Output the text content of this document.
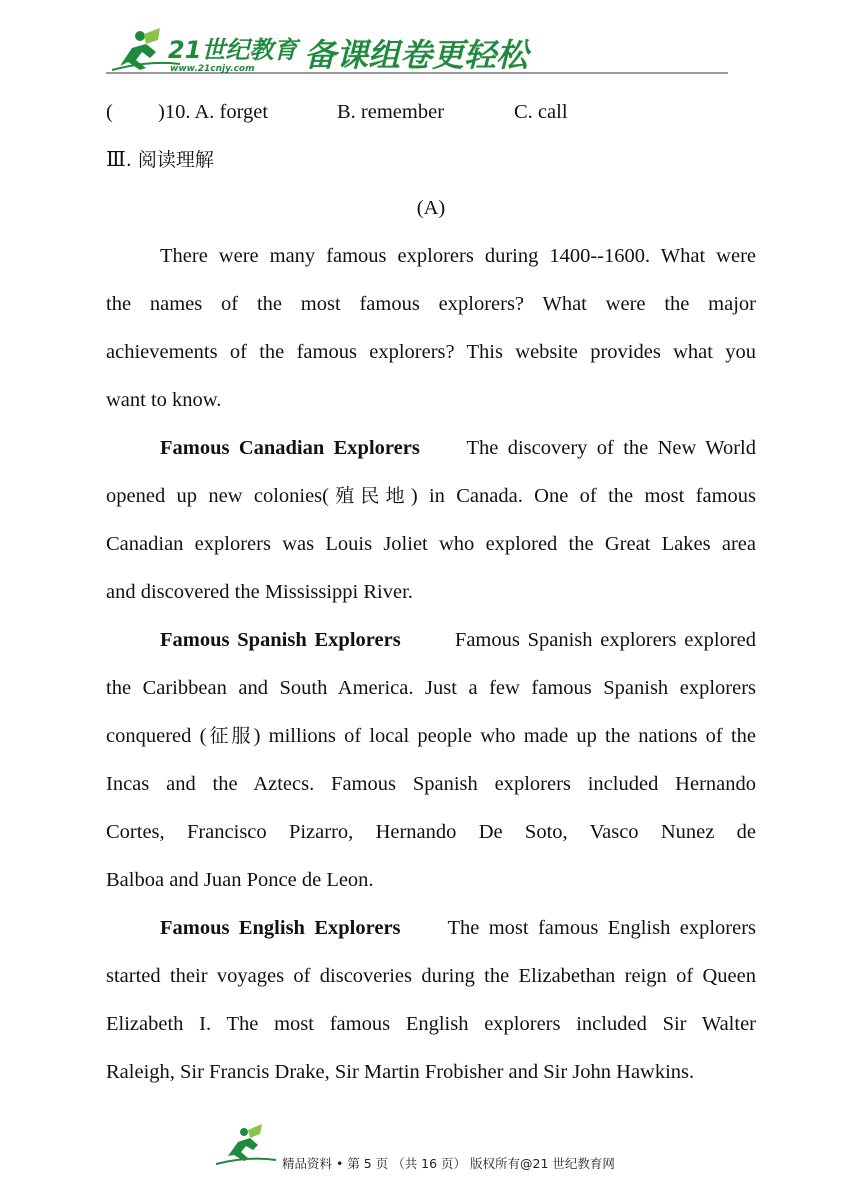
21世纪教育
www.21cnjy.com 备课组卷更轻松
( )10. A. forget	B. remember	C. call
Ⅲ. 阅读理解
(A)
There were many famous explorers during 1400--1600. What were
the names of the most famous explorers? What were the major
achievements of the famous explorers? This website provides what you
want to know.
Famous Canadian Explorers The discovery of the New World
opened up new colonies(殖民地) in Canada. One of the most famous
Canadian explorers was Louis Joliet who explored the Great Lakes area
and discovered the Mississippi River.
Famous Spanish Explorers	Famous Spanish explorers explored
the Caribbean and South America. Just a few famous Spanish explorers
conquered (征服) millions of local people who made up the nations of the
Incas and the Aztecs. Famous Spanish explorers included Hernando
Cortes, Francisco Pizarro, Hernando De Soto, Vasco Nunez de
Balboa and Juan Ponce de Leon.
Famous English Explorers The most famous English explorers
started their voyages of discoveries during the Elizabethan reign of Queen
Elizabeth I. The most famous English explorers included Sir Walter
Raleigh, Sir Francis Drake, Sir Martin Frobisher and Sir John Hawkins.
精品资料 • 第 5 页 （共 16 页） 版权所有@21 世纪教育网
